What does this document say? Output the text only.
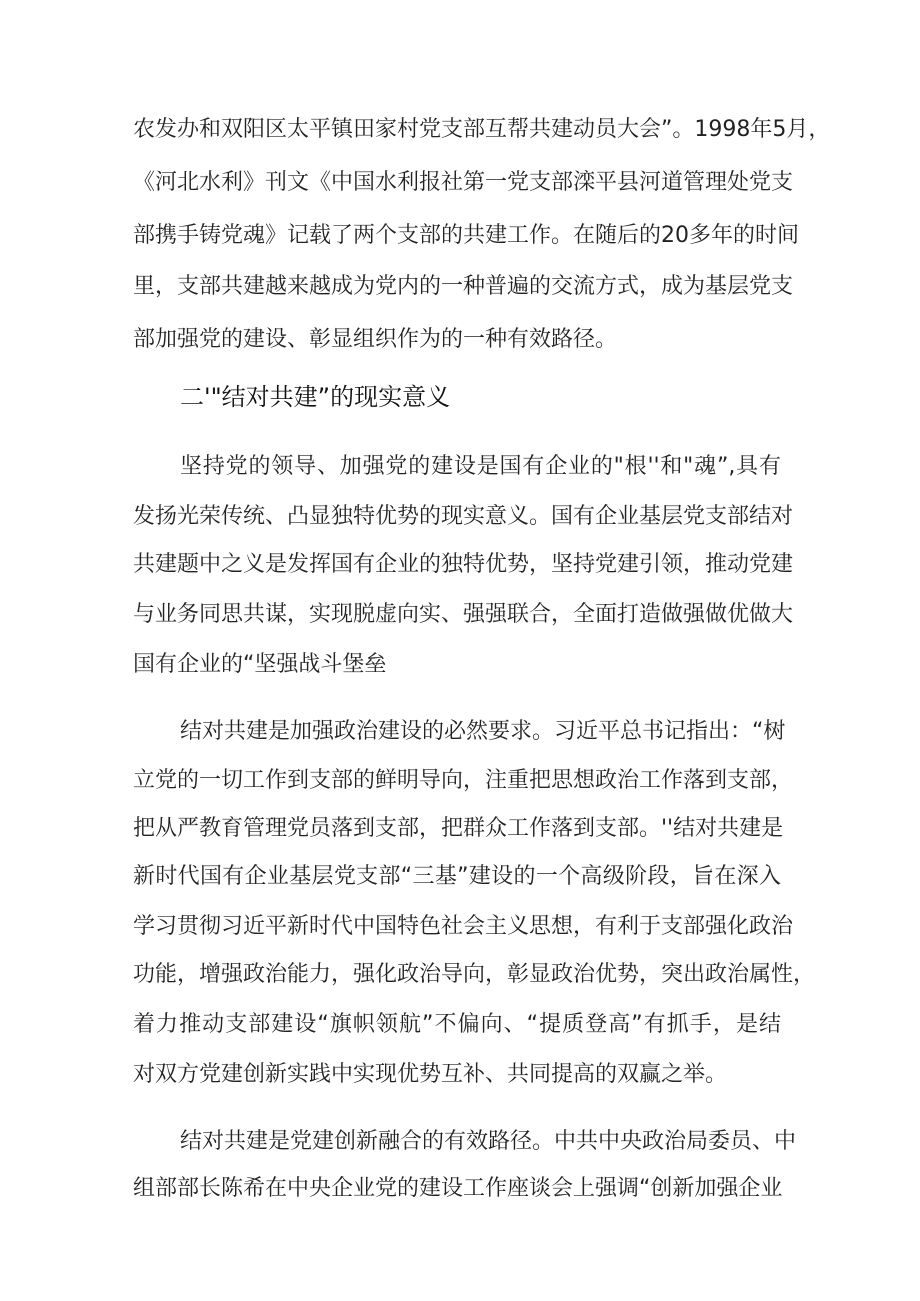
农发办和双阳区太平镇田家村党支部互帮共建动员大会”。1998年5月，

《河北水利》刊文《中国水利报社第一党支部滦平县河道管理处党支

部携手铸党魂》记载了两个支部的共建工作。在随后的20多年的时间

里，支部共建越来越成为党内的一种普遍的交流方式，成为基层党支

部加强党的建设、彰显组织作为的一种有效路径。

二'"结对共建”的现实意义

坚持党的领导、加强党的建设是国有企业的"根''和"魂”,具有

发扬光荣传统、凸显独特优势的现实意义。国有企业基层党支部结对

共建题中之义是发挥国有企业的独特优势，坚持党建引领，推动党建

与业务同思共谋，实现脱虚向实、强强联合，全面打造做强做优做大

国有企业的“坚强战斗堡垒

结对共建是加强政治建设的必然要求。习近平总书记指出：“树

立党的一切工作到支部的鲜明导向，注重把思想政治工作落到支部，

把从严教育管理党员落到支部，把群众工作落到支部。''结对共建是

新时代国有企业基层党支部“三基”建设的一个高级阶段，旨在深入

学习贯彻习近平新时代中国特色社会主义思想，有利于支部强化政治

功能，增强政治能力，强化政治导向，彰显政治优势，突出政治属性，

着力推动支部建设“旗帜领航”不偏向、“提质登高”有抓手，是结

对双方党建创新实践中实现优势互补、共同提高的双赢之举。

结对共建是党建创新融合的有效路径。中共中央政治局委员、中

组部部长陈希在中央企业党的建设工作座谈会上强调“创新加强企业
